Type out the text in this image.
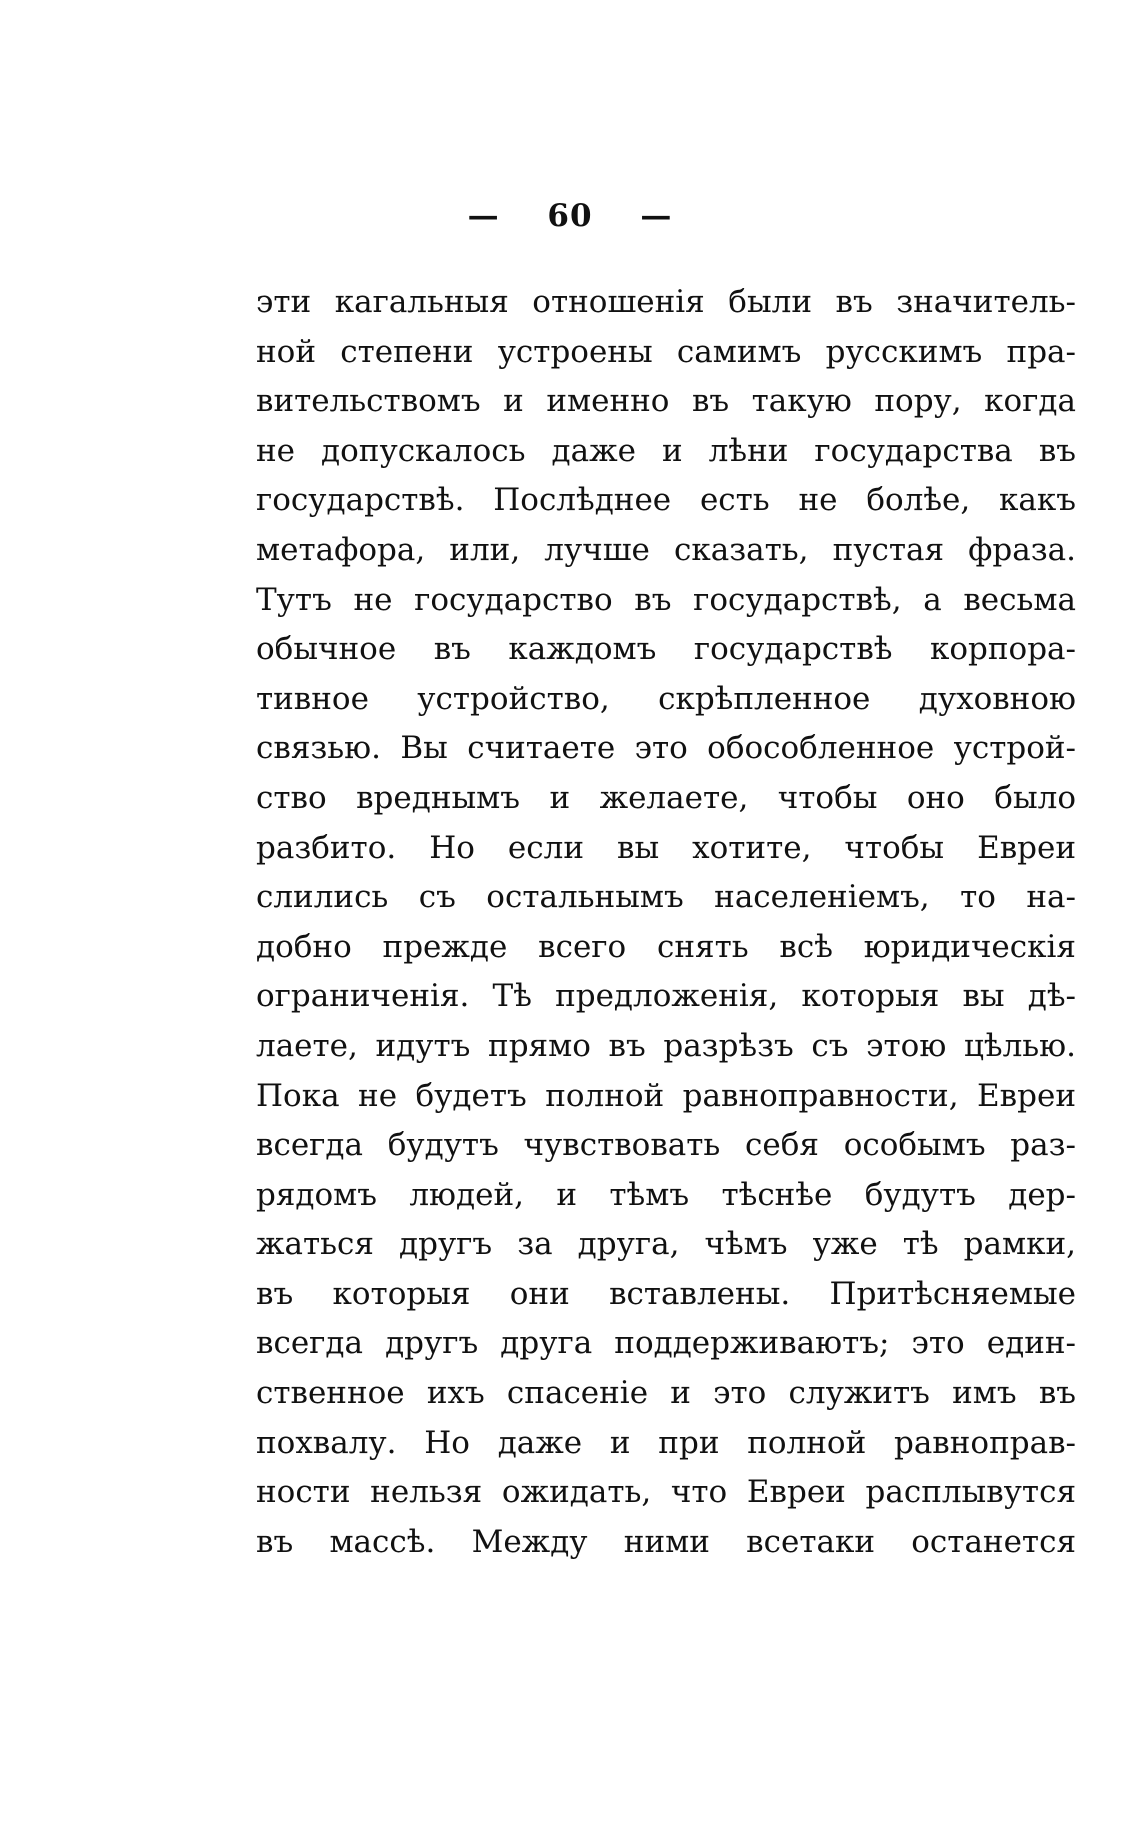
— 60 —
эти кагальныя отношенія были въ значитель-
ной степени устроены самимъ русскимъ пра-
вительствомъ и именно въ такую пору, когда
не допускалось даже и лѣни государства въ
государствѣ. Послѣднее есть не болѣе, какъ
метафора, или, лучше сказать, пустая фраза.
Тутъ не государство въ государствѣ, а весьма
обычное въ каждомъ государствѣ корпора-
тивное устройство, скрѣпленное духовною
связью. Вы считаете это обособленное устрой-
ство вреднымъ и желаете, чтобы оно было
разбито. Но если вы хотите, чтобы Евреи
слились съ остальнымъ населеніемъ, то на-
добно прежде всего снять всѣ юридическія
ограниченія. Тѣ предложенія, которыя вы дѣ-
лаете, идутъ прямо въ разрѣзъ съ этою цѣлью.
Пока не будетъ полной равноправности, Евреи
всегда будутъ чувствовать себя особымъ раз-
рядомъ людей, и тѣмъ тѣснѣе будутъ дер-
жаться другъ за друга, чѣмъ уже тѣ рамки,
въ которыя они вставлены. Притѣсняемые
всегда другъ друга поддерживаютъ; это един-
ственное ихъ спасеніе и это служитъ имъ въ
похвалу. Но даже и при полной равноправ-
ности нельзя ожидать, что Евреи расплывутся
въ массѣ. Между ними всетаки останется
